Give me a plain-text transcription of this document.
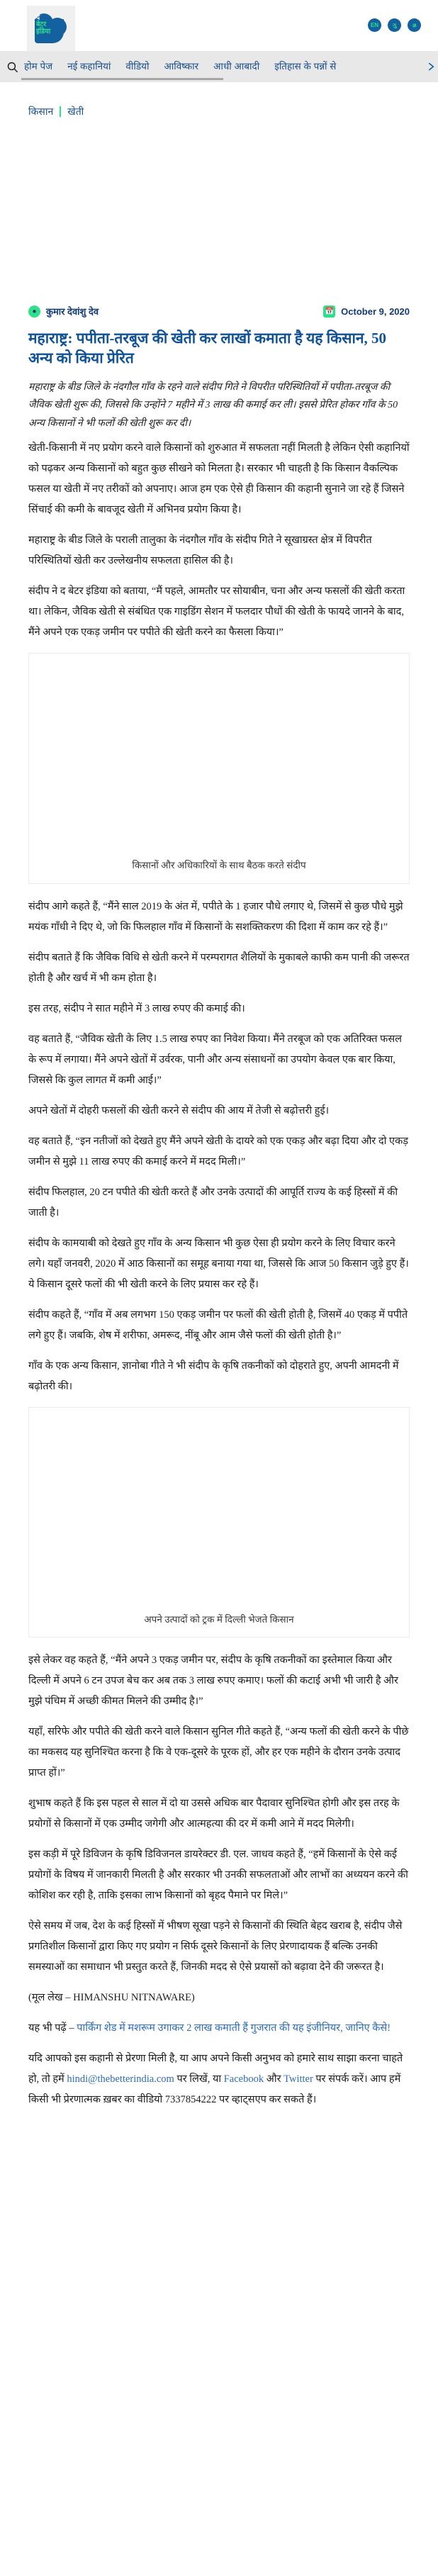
द
बेटर
इंडिया
EN	ગુ	മ
होम पेज नई कहानियां वीडियो आविष्कार आधी आबादी इतिहास के पन्नों से
किसान खेती
●	कुमार देवांशु देव	📅 October 9, 2020
महाराष्ट्र: पपीता-तरबूज की खेती कर लाखों कमाता है यह किसान, 50 अन्य को किया प्रेरित
महाराष्ट्र के बीड जिले के नंदगौल गाँव के रहने वाले संदीप गिते ने विपरीत परिस्थितियों में पपीता-तरबूज की जैविक खेती शुरू की, जिससे कि उन्होंने 7 महीने में 3 लाख की कमाई कर ली। इससे प्रेरित होकर गाँव के 50 अन्य किसानों ने भी फलों की खेती शुरू कर दी।

खेती-किसानी में नए प्रयोग करने वाले किसानों को शुरुआत में सफलता नहीं मिलती है लेकिन ऐसी कहानियों को पढ़कर अन्य किसानों को बहुत कुछ सीखने को मिलता है। सरकार भी चाहती है कि किसान वैकल्पिक फसल या खेती में नए तरीकों को अपनाए। आज हम एक ऐसे ही किसान की कहानी सुनाने जा रहे हैं जिसने सिंचाई की कमी के बावजूद खेती में अभिनव प्रयोग किया है।

महाराष्ट्र के बीड जिले के पराली तालुका के नंदगौल गाँव के संदीप गिते ने सूखाग्रस्त क्षेत्र में विपरीत परिस्थितियों खेती कर उल्लेखनीय सफलता हासिल की है।

संदीप ने द बेटर इंडिया को बताया, “मैं पहले, आमतौर पर सोयाबीन, चना और अन्य फसलों की खेती करता था। लेकिन, जैविक खेती से संबंधित एक गाइडिंग सेशन में फलदार पौधों की खेती के फायदे जानने के बाद, मैंने अपने एक एकड़ जमीन पर पपीते की खेती करने का फैसला किया।”

किसानों और अधिकारियों के साथ बैठक करते संदीप

संदीप आगे कहते हैं, “मैंने साल 2019 के अंत में, पपीते के 1 हजार पौधे लगाए थे, जिसमें से कुछ पौधे मुझे मयंक गाँधी ने दिए थे, जो कि फिलहाल गाँव में किसानों के सशक्तिकरण की दिशा में काम कर रहे हैं।”

संदीप बताते हैं कि जैविक विधि से खेती करने में परम्परागत शैलियों के मुकाबले काफी कम पानी की जरूरत होती है और खर्च में भी कम होता है।

इस तरह, संदीप ने सात महीने में 3 लाख रुपए की कमाई की।

वह बताते हैं, “जैविक खेती के लिए 1.5 लाख रुपए का निवेश किया। मैंने तरबूज को एक अतिरिक्त फसल के रूप में लगाया। मैंने अपने खेतों में उर्वरक, पानी और अन्य संसाधनों का उपयोग केवल एक बार किया, जिससे कि कुल लागत में कमी आई।”

अपने खेतों में दोहरी फसलों की खेती करने से संदीप की आय में तेजी से बढ़ोत्तरी हुई।

वह बताते हैं, “इन नतीजों को देखते हुए मैंने अपने खेती के दायरे को एक एकड़ और बढ़ा दिया और दो एकड़ जमीन से मुझे 11 लाख रुपए की कमाई करने में मदद मिली।”

संदीप फिलहाल, 20 टन पपीते की खेती करते हैं और उनके उत्पादों की आपूर्ति राज्य के कई हिस्सों में की जाती है।

संदीप के कामयाबी को देखते हुए गाँव के अन्य किसान भी कुछ ऐसा ही प्रयोग करने के लिए विचार करने लगे। यहाँ जनवरी, 2020 में आठ किसानों का समूह बनाया गया था, जिससे कि आज 50 किसान जुड़े हुए हैं। ये किसान दूसरे फलों की भी खेती करने के लिए प्रयास कर रहे हैं।

संदीप कहते हैं, “गाँव में अब लगभग 150 एकड़ जमीन पर फलों की खेती होती है, जिसमें 40 एकड़ में पपीते लगे हुए हैं। जबकि, शेष में शरीफा, अमरूद, नींबू और आम जैसे फलों की खेती होती है।”

गाँव के एक अन्य किसान, ज्ञानोबा गीते ने भी संदीप के कृषि तकनीकों को दोहराते हुए, अपनी आमदनी में बढ़ोतरी की।

अपने उत्पादों को ट्रक में दिल्ली भेजते किसान

इसे लेकर वह कहते हैं, “मैंने अपने 3 एकड़ जमीन पर, संदीप के कृषि तकनीकों का इस्तेमाल किया और दिल्ली में अपने 6 टन उपज बेच कर अब तक 3 लाख रुपए कमाए। फलों की कटाई अभी भी जारी है और मुझे पंचिम में अच्छी कीमत मिलने की उम्मीद है।”

यहाँ, सरिफे और पपीते की खेती करने वाले किसान सुनिल गीते कहते हैं, “अन्य फलों की खेती करने के पीछे का मकसद यह सुनिश्चित करना है कि वे एक-दूसरे के पूरक हों, और हर एक महीने के दौरान उनके उत्पाद प्राप्त हों।”

शुभाष कहते हैं कि इस पहल से साल में दो या उससे अधिक बार पैदावार सुनिश्चित होगी और इस तरह के प्रयोगों से किसानों में एक उम्मीद जगेगी और आत्महत्या की दर में कमी आने में मदद मिलेगी।

इस कड़ी में पूरे डिविजन के कृषि डिविजनल डायरेक्टर डी. एल. जाधव कहते हैं, “हमें किसानों के ऐसे कई प्रयोगों के विषय में जानकारी मिलती है और सरकार भी उनकी सफलताओं और लाभों का अध्ययन करने की कोशिश कर रही है, ताकि इसका लाभ किसानों को बृहद पैमाने पर मिले।”

ऐसे समय में जब, देश के कई हिस्सों में भीषण सूखा पड़ने से किसानों की स्थिति बेहद खराब है, संदीप जैसे प्रगतिशील किसानों द्वारा किए गए प्रयोग न सिर्फ दूसरे किसानों के लिए प्रेरणादायक हैं बल्कि उनकी समस्याओं का समाधान भी प्रस्तुत करते हैं, जिनकी मदद से ऐसे प्रयासों को बढ़ावा देने की जरूरत है।

(मूल लेख – HIMANSHU NITNAWARE)

यह भी पढ़ें – पार्किंग शेड में मशरूम उगाकर 2 लाख कमाती हैं गुजरात की यह इंजीनियर, जानिए कैसे!

यदि आपको इस कहानी से प्रेरणा मिली है, या आप अपने किसी अनुभव को हमारे साथ साझा करना चाहते हो, तो हमें hindi@thebetterindia.com पर लिखें, या Facebook और Twitter पर संपर्क करें। आप हमें किसी भी प्रेरणात्मक ख़बर का वीडियो 7337854222 पर व्हाट्सएप कर सकते हैं।
